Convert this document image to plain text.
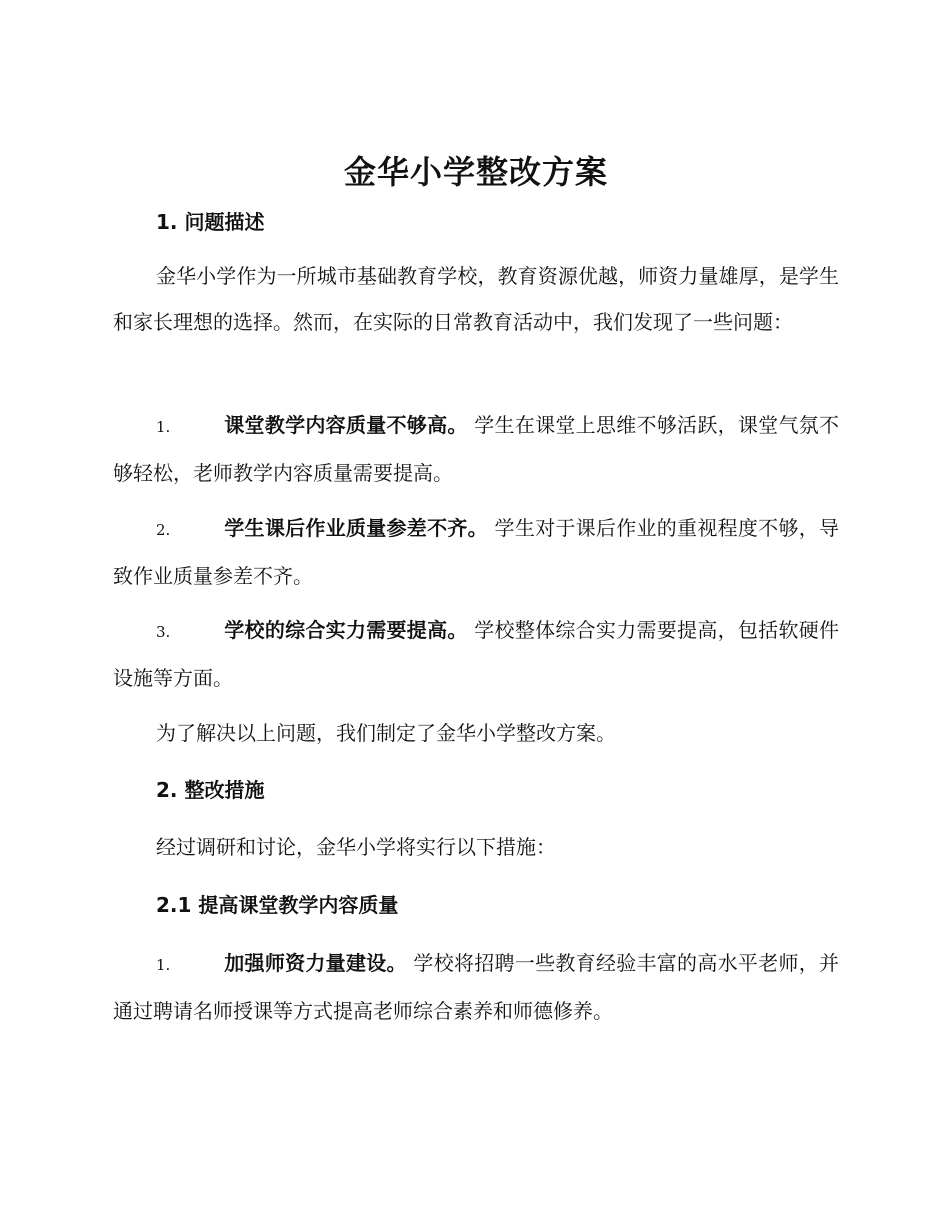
金华小学整改方案
1. 问题描述

金华小学作为一所城市基础教育学校，教育资源优越，师资力量雄厚，是学生和家长理想的选择。然而，在实际的日常教育活动中，我们发现了一些问题：

1.	课堂教学内容质量不够高。 学生在课堂上思维不够活跃，课堂气氛不够轻松，老师教学内容质量需要提高。

2.	学生课后作业质量参差不齐。 学生对于课后作业的重视程度不够，导致作业质量参差不齐。

3.	学校的综合实力需要提高。 学校整体综合实力需要提高，包括软硬件设施等方面。

为了解决以上问题，我们制定了金华小学整改方案。

2. 整改措施

经过调研和讨论，金华小学将实行以下措施：

2.1 提高课堂教学内容质量

1.	加强师资力量建设。 学校将招聘一些教育经验丰富的高水平老师，并通过聘请名师授课等方式提高老师综合素养和师德修养。
